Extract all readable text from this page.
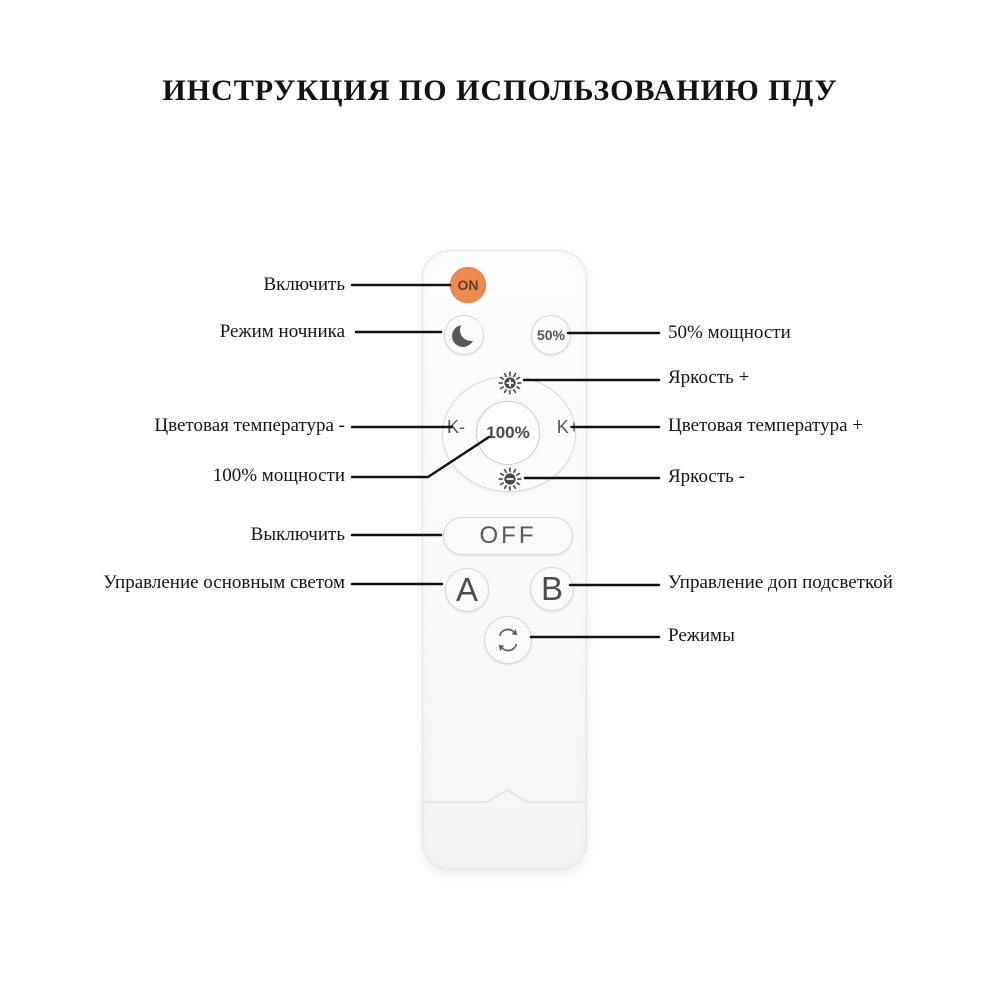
ИНСТРУКЦИЯ ПО ИСПОЛЬЗОВАНИЮ ПДУ
ON
50%
K-	100%	K+
OFF
A	B
Включить
Режим ночника
Цветовая температура -
100% мощности
Выключить
Управление основным светом
50% мощности
Яркость +
Цветовая температура +
Яркость -
Управление доп подсветкой
Режимы
